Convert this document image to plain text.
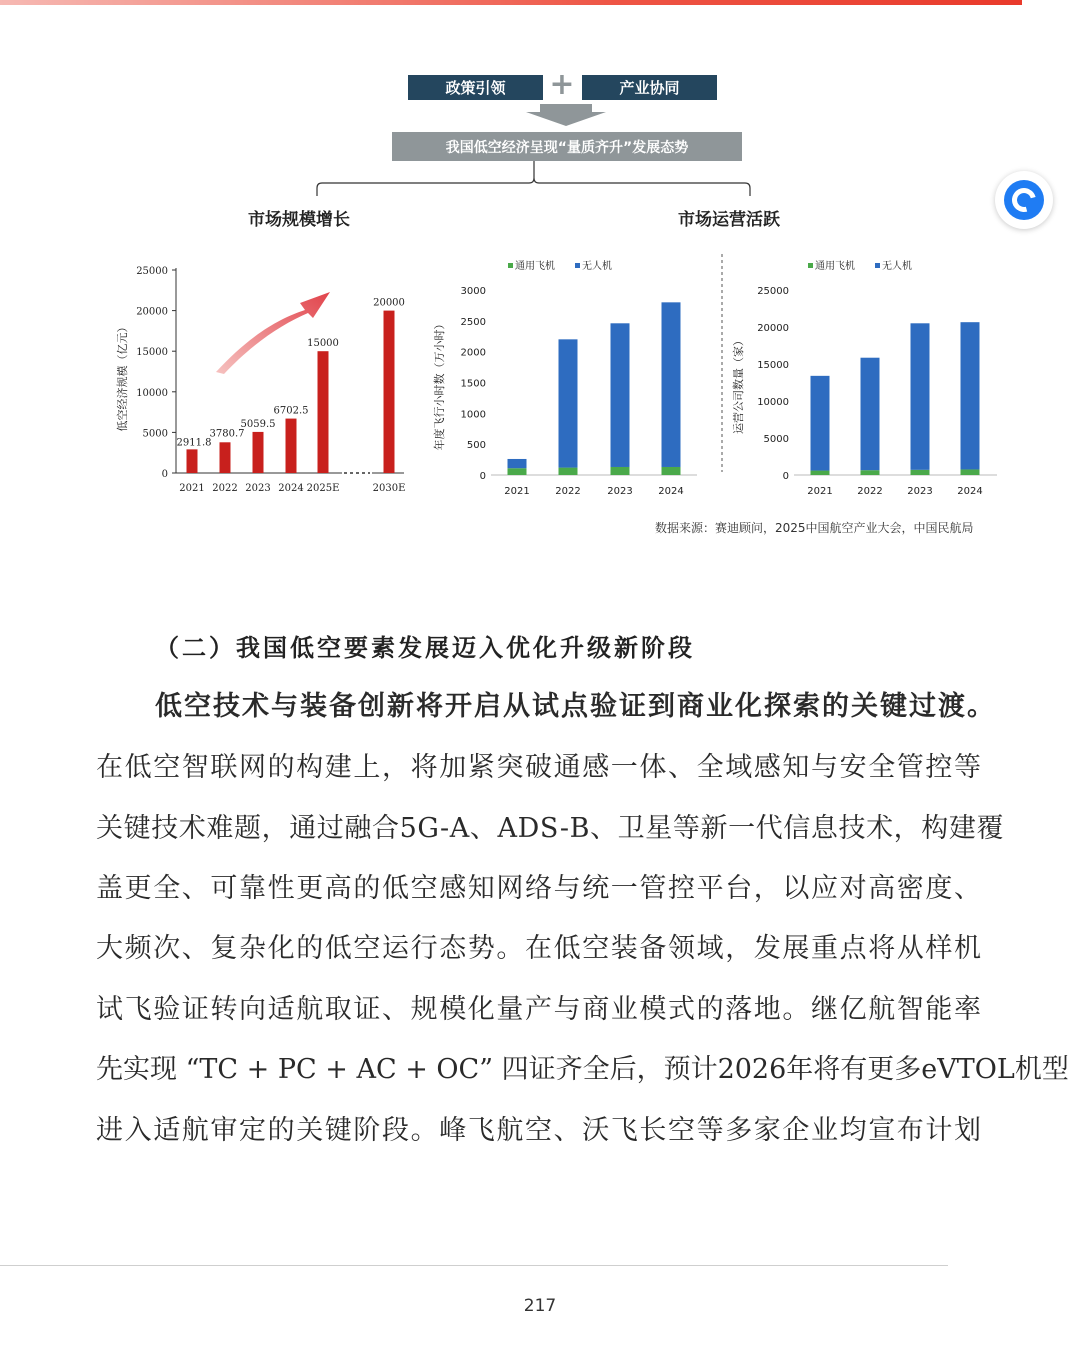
政策引领	+	产业协同
我国低空经济呈现“量质齐升”发展态势
市场规模增长	市场运营活跃
0
5000
10000
15000
20000
25000
2911.8
2021
3780.7
2022
5059.5
2023
6702.5
2024
15000
2025E
20000
2030E
低空经济规模（亿元）
0
500
1000
1500
2000
2500
3000
2021	2022	2023	2024
通用飞机	无人机
年度飞行小时数（万小时）
0
5000
10000
15000
20000
25000
2021 2022 2023 2024
通用飞机	无人机
运营公司数量（家）
数据来源：赛迪顾问，2025中国航空产业大会，中国民航局
（二）我国低空要素发展迈入优化升级新阶段
低空技术与装备创新将开启从试点验证到商业化探索的关键过渡。
在低空智联网的构建上，将加紧突破通感一体、全域感知与安全管控等
关键技术难题，通过融合5G-A、ADS-B、卫星等新一代信息技术，构建覆
盖更全、可靠性更高的低空感知网络与统一管控平台，以应对高密度、
大频次、复杂化的低空运行态势。在低空装备领域，发展重点将从样机
试飞验证转向适航取证、规模化量产与商业模式的落地。继亿航智能率
先实现 “TC + PC + AC + OC” 四证齐全后，预计2026年将有更多eVTOL机型
进入适航审定的关键阶段。峰飞航空、沃飞长空等多家企业均宣布计划
217
